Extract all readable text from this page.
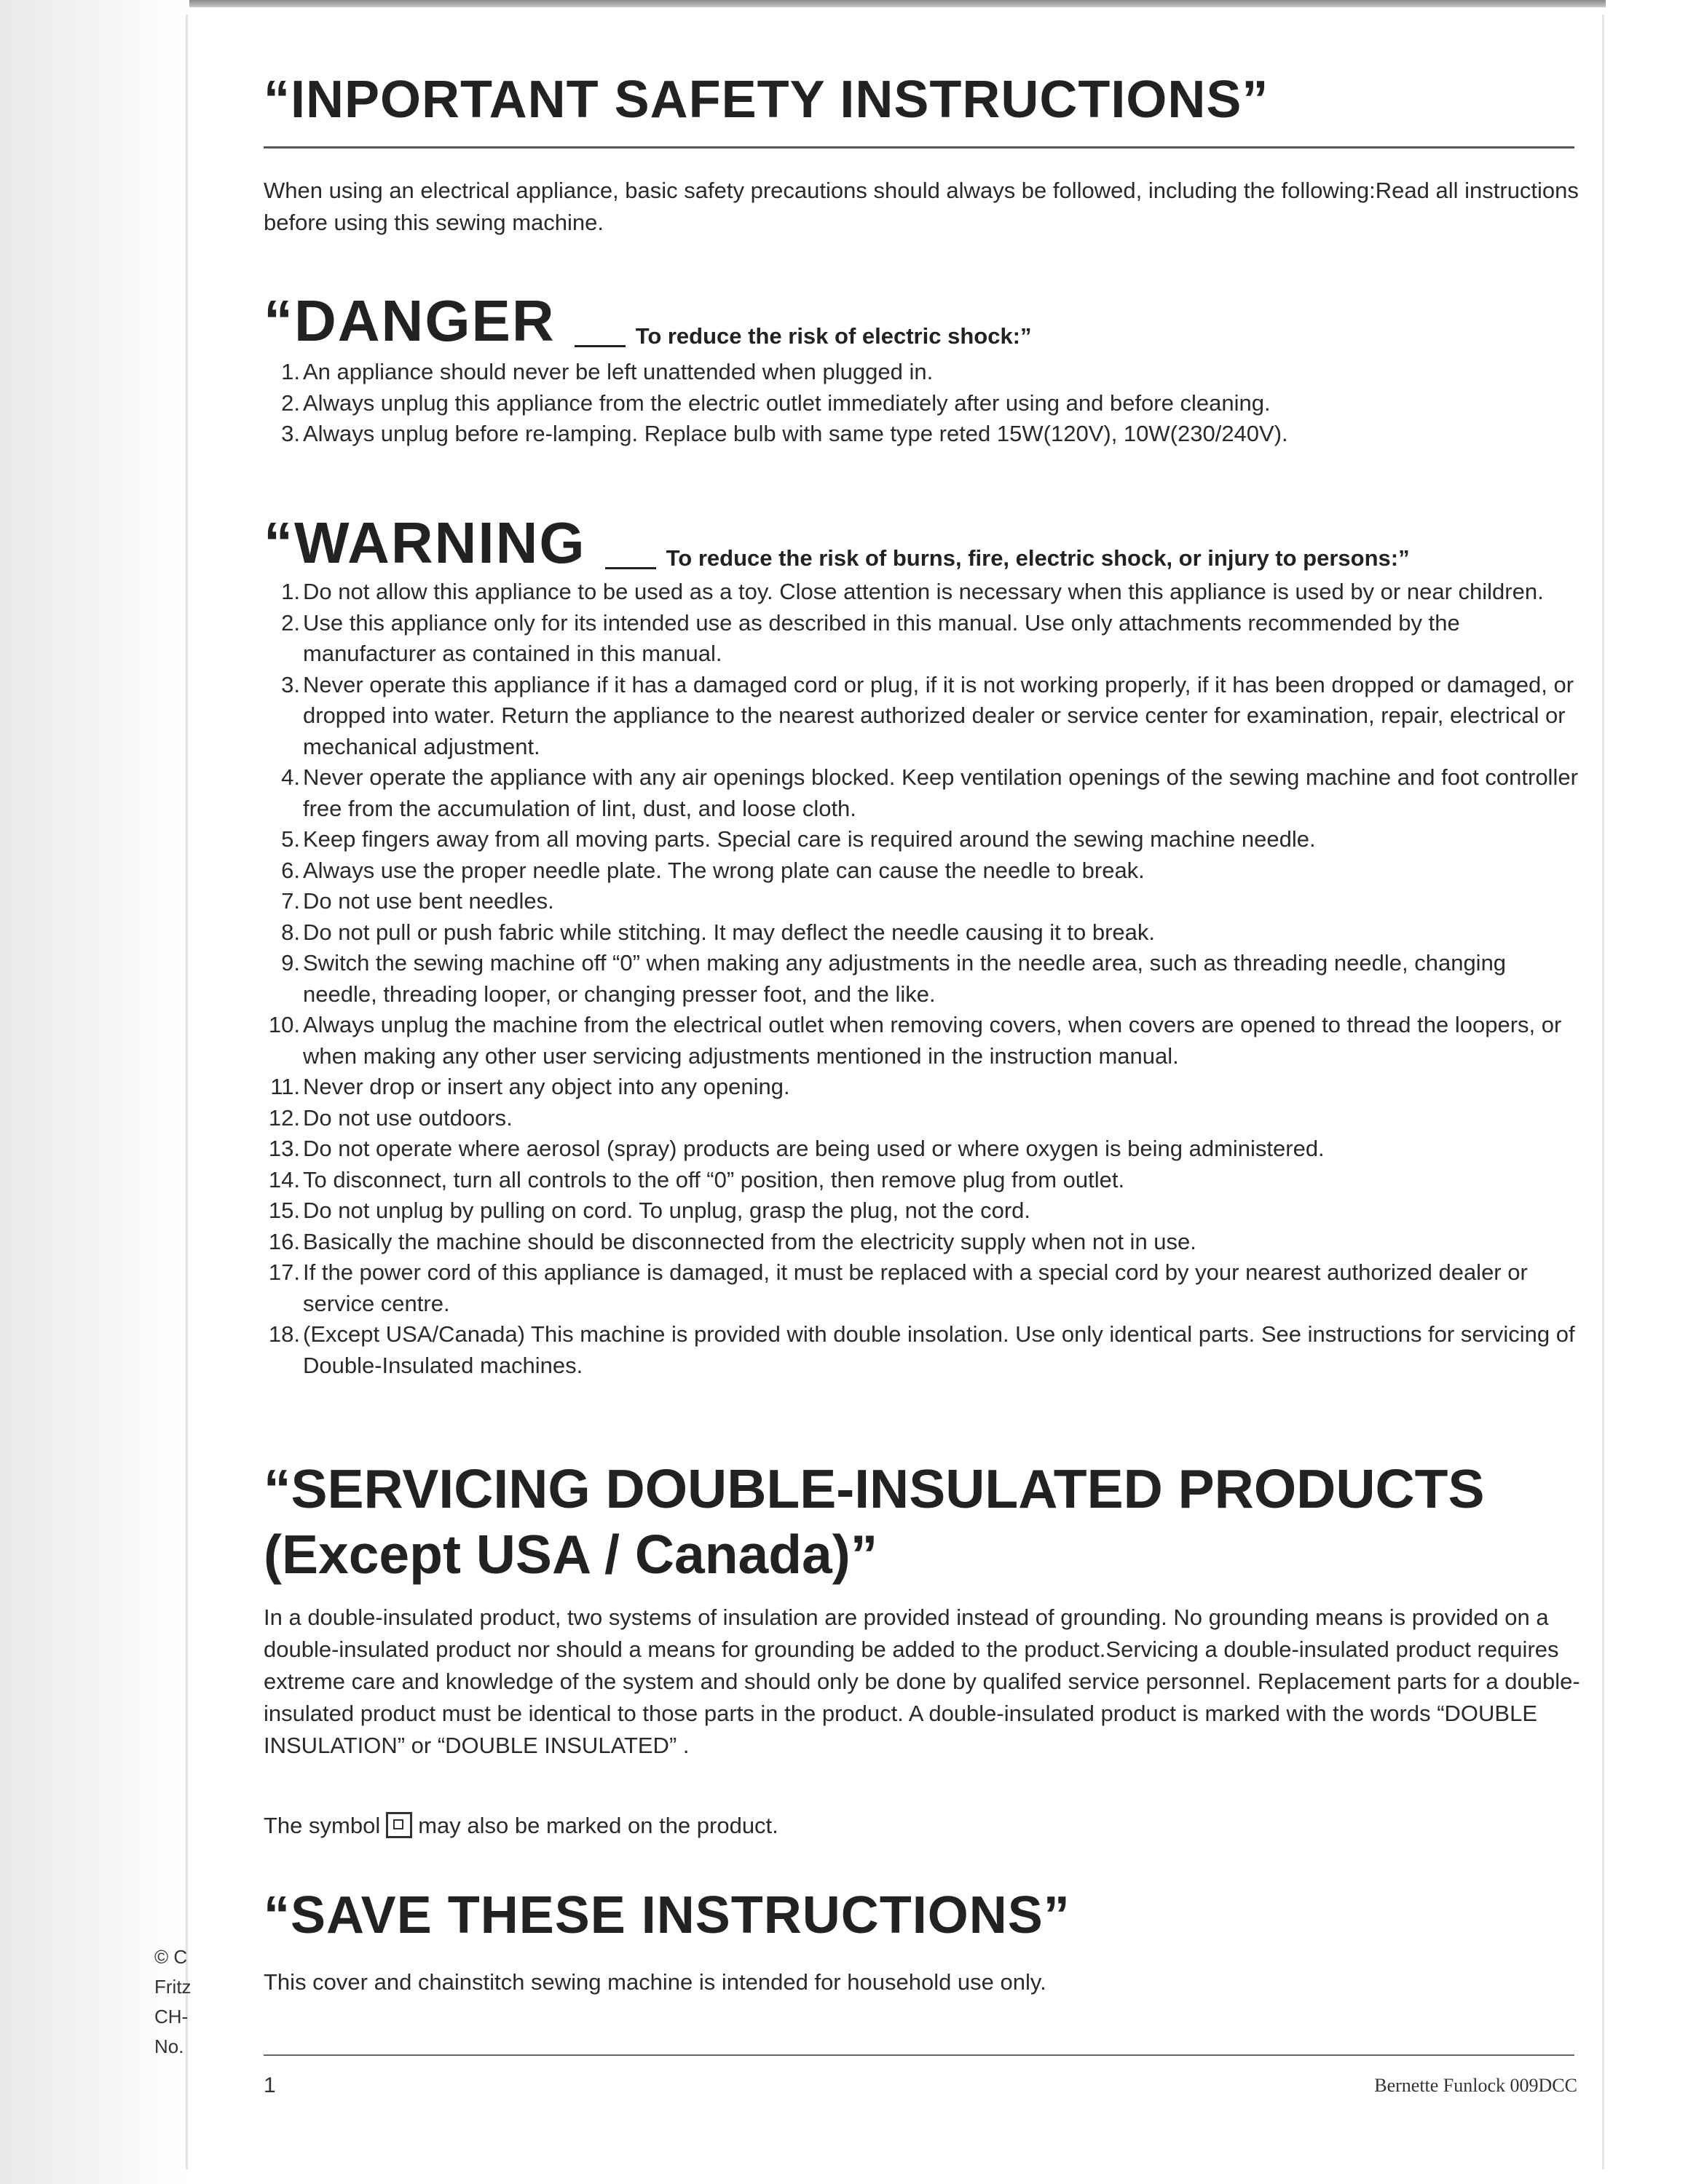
“INPORTANT SAFETY INSTRUCTIONS”

When using an electrical appliance, basic safety precautions should always be followed, including the following:Read all instructions before using this sewing machine.

“DANGER	To reduce the risk of electric shock:”
1. An appliance should never be left unattended when plugged in.
2. Always unplug this appliance from the electric outlet immediately after using and before cleaning.
3. Always unplug before re-lamping. Replace bulb with same type reted 15W(120V), 10W(230/240V).
“WARNING	To reduce the risk of burns, fire, electric shock, or injury to persons:”
1. Do not allow this appliance to be used as a toy. Close attention is necessary when this appliance is used by or near children.
2. Use this appliance only for its intended use as described in this manual. Use only attachments recommended by the manufacturer as contained in this manual.
3. Never operate this appliance if it has a damaged cord or plug, if it is not working properly, if it has been dropped or damaged, or dropped into water. Return the appliance to the nearest authorized dealer or service center for examination, repair, electrical or mechanical adjustment.
4. Never operate the appliance with any air openings blocked. Keep ventilation openings of the sewing machine and foot controller free from the accumulation of lint, dust, and loose cloth.
5. Keep fingers away from all moving parts. Special care is required around the sewing machine needle.
6. Always use the proper needle plate. The wrong plate can cause the needle to break.
7. Do not use bent needles.
8. Do not pull or push fabric while stitching. It may deflect the needle causing it to break.
9. Switch the sewing machine off “0” when making any adjustments in the needle area, such as threading needle, changing needle, threading looper, or changing presser foot, and the like.
10. Always unplug the machine from the electrical outlet when removing covers, when covers are opened to thread the loopers, or when making any other user servicing adjustments mentioned in the instruction manual.
11. Never drop or insert any object into any opening.
12. Do not use outdoors.
13. Do not operate where aerosol (spray) products are being used or where oxygen is being administered.
14. To disconnect, turn all controls to the off “0” position, then remove plug from outlet.
15. Do not unplug by pulling on cord. To unplug, grasp the plug, not the cord.
16. Basically the machine should be disconnected from the electricity supply when not in use.
17. If the power cord of this appliance is damaged, it must be replaced with a special cord by your nearest authorized dealer or service centre.
18. (Except USA/Canada) This machine is provided with double insolation. Use only identical parts. See instructions for servicing of Double-Insulated machines.
“SERVICING DOUBLE-INSULATED PRODUCTS
(Except USA / Canada)”

In a double-insulated product, two systems of insulation are provided instead of grounding. No grounding means is provided on a double-insulated product nor should a means for grounding be added to the product.Servicing a double-insulated product requires extreme care and knowledge of the system and should only be done by qualifed service personnel. Replacement parts for a double-insulated product must be identical to those parts in the product. A double-insulated product is marked with the words “DOUBLE INSULATION” or “DOUBLE INSULATED” .

The symbol may also be marked on the product.

“SAVE THESE INSTRUCTIONS”

This cover and chainstitch sewing machine is intended for household use only.

© C
Fritz
CH-
No.

1	Bernette Funlock 009DCC
